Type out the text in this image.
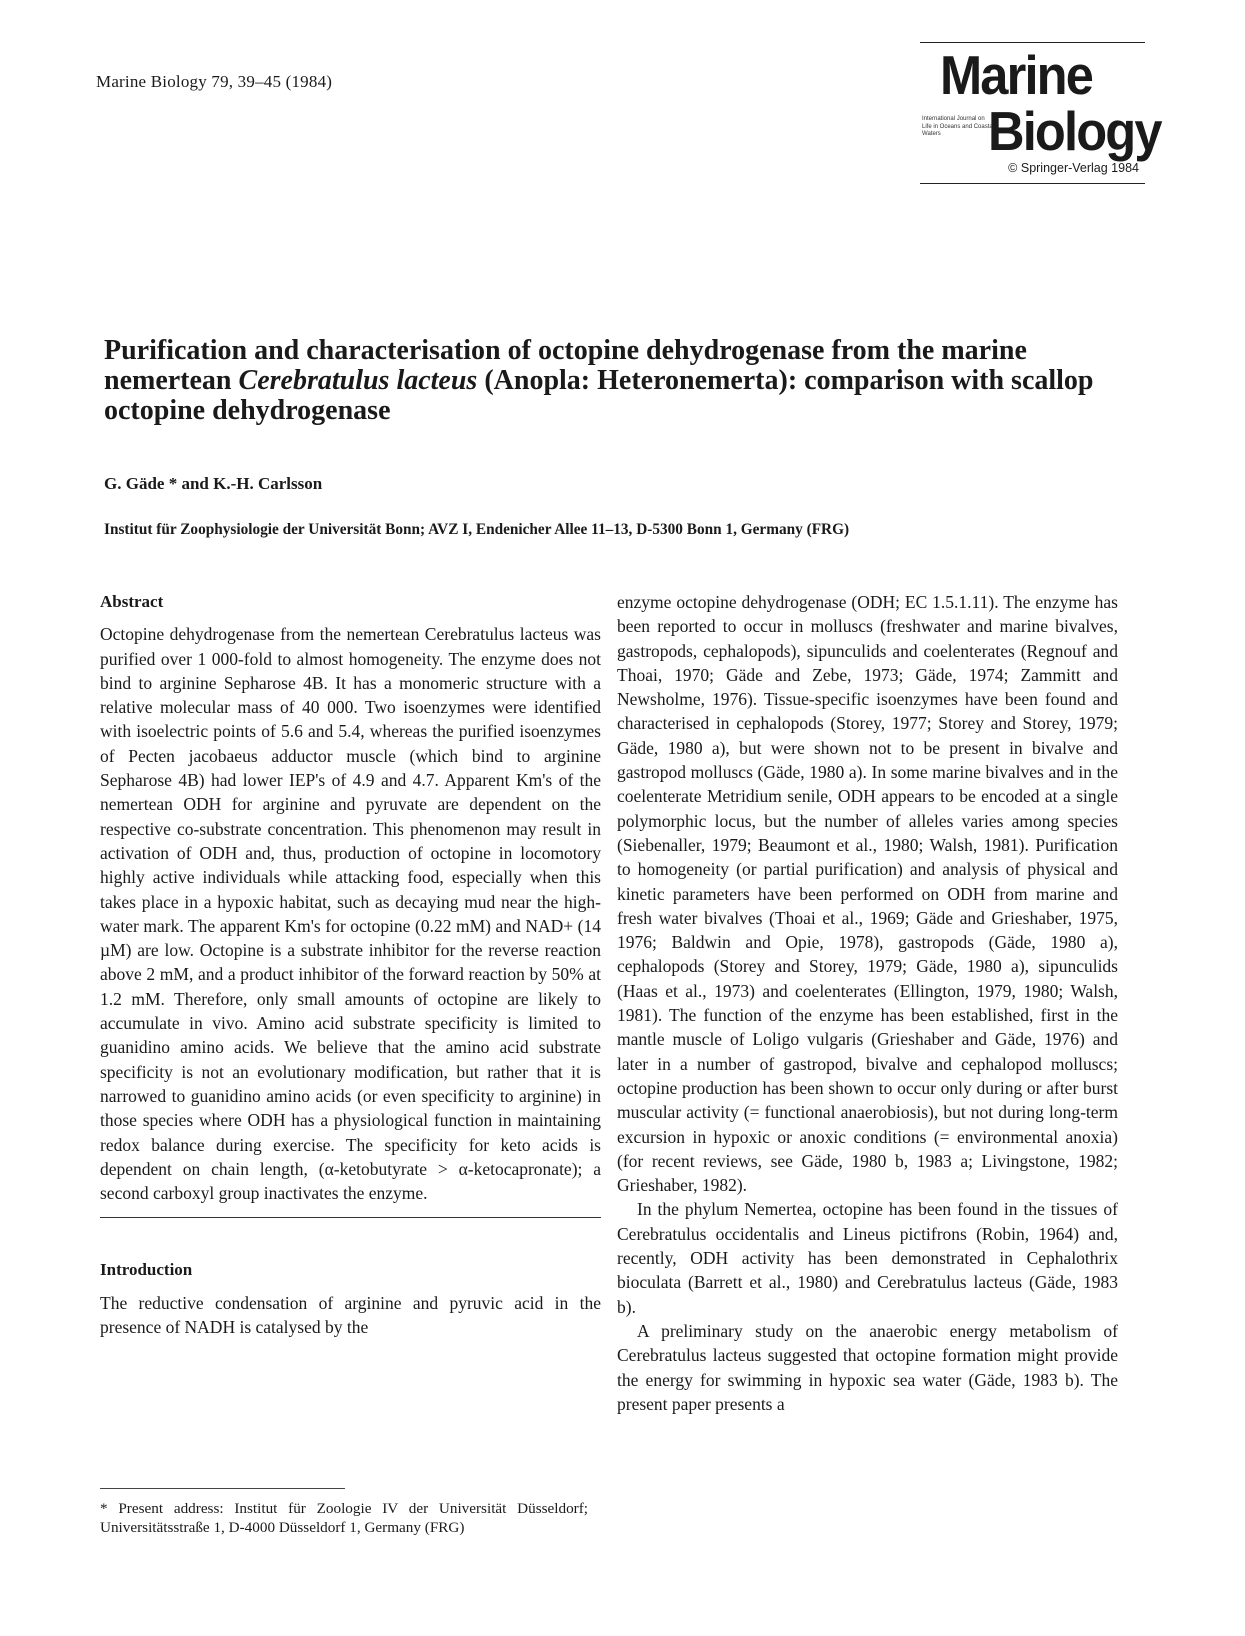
Marine Biology 79, 39–45 (1984)	Marine
International Journal on Life in Oceans and Coastal Waters Biology
© Springer-Verlag 1984
Purification and characterisation of octopine dehydrogenase from the marine nemertean Cerebratulus lacteus (Anopla: Heteronemerta): comparison with scallop octopine dehydrogenase
G. Gäde * and K.-H. Carlsson
Institut für Zoophysiologie der Universität Bonn; AVZ I, Endenicher Allee 11–13, D-5300 Bonn 1, Germany (FRG)
Abstract

Octopine dehydrogenase from the nemertean Cerebratulus lacteus was purified over 1 000-fold to almost homogeneity. The enzyme does not bind to arginine Sepharose 4B. It has a monomeric structure with a relative molecular mass of 40 000. Two isoenzymes were identified with isoelectric points of 5.6 and 5.4, whereas the purified isoenzymes of Pecten jacobaeus adductor muscle (which bind to arginine Sepharose 4B) had lower IEP's of 4.9 and 4.7. Apparent Km's of the nemertean ODH for arginine and pyruvate are dependent on the respective co-substrate concentration. This phenomenon may result in activation of ODH and, thus, production of octopine in locomotory highly active individuals while attacking food, especially when this takes place in a hypoxic habitat, such as decaying mud near the high-water mark. The apparent Km's for octopine (0.22 mM) and NAD+ (14 µM) are low. Octopine is a substrate inhibitor for the reverse reaction above 2 mM, and a product inhibitor of the forward reaction by 50% at 1.2 mM. Therefore, only small amounts of octopine are likely to accumulate in vivo. Amino acid substrate specificity is limited to guanidino amino acids. We believe that the amino acid substrate specificity is not an evolutionary modification, but rather that it is narrowed to guanidino amino acids (or even specificity to arginine) in those species where ODH has a physiological function in maintaining redox balance during exercise. The specificity for keto acids is dependent on chain length, (α-ketobutyrate > α-ketocapronate); a second carboxyl group inactivates the enzyme.

Introduction

The reductive condensation of arginine and pyruvic acid in the presence of NADH is catalysed by the

* Present address: Institut für Zoologie IV der Universität Düsseldorf; Universitätsstraße 1, D-4000 Düsseldorf 1, Germany (FRG)

enzyme octopine dehydrogenase (ODH; EC 1.5.1.11). The enzyme has been reported to occur in molluscs (freshwater and marine bivalves, gastropods, cephalopods), sipunculids and coelenterates (Regnouf and Thoai, 1970; Gäde and Zebe, 1973; Gäde, 1974; Zammitt and Newsholme, 1976). Tissue-specific isoenzymes have been found and characterised in cephalopods (Storey, 1977; Storey and Storey, 1979; Gäde, 1980 a), but were shown not to be present in bivalve and gastropod molluscs (Gäde, 1980 a). In some marine bivalves and in the coelenterate Metridium senile, ODH appears to be encoded at a single polymorphic locus, but the number of alleles varies among species (Siebenaller, 1979; Beaumont et al., 1980; Walsh, 1981). Purification to homogeneity (or partial purification) and analysis of physical and kinetic parameters have been performed on ODH from marine and fresh water bivalves (Thoai et al., 1969; Gäde and Grieshaber, 1975, 1976; Baldwin and Opie, 1978), gastropods (Gäde, 1980 a), cephalopods (Storey and Storey, 1979; Gäde, 1980 a), sipunculids (Haas et al., 1973) and coelenterates (Ellington, 1979, 1980; Walsh, 1981). The function of the enzyme has been established, first in the mantle muscle of Loligo vulgaris (Grieshaber and Gäde, 1976) and later in a number of gastropod, bivalve and cephalopod molluscs; octopine production has been shown to occur only during or after burst muscular activity (= functional anaerobiosis), but not during long-term excursion in hypoxic or anoxic conditions (= environmental anoxia) (for recent reviews, see Gäde, 1980 b, 1983 a; Livingstone, 1982; Grieshaber, 1982).

In the phylum Nemertea, octopine has been found in the tissues of Cerebratulus occidentalis and Lineus pictifrons (Robin, 1964) and, recently, ODH activity has been demonstrated in Cephalothrix bioculata (Barrett et al., 1980) and Cerebratulus lacteus (Gäde, 1983 b).

A preliminary study on the anaerobic energy metabolism of Cerebratulus lacteus suggested that octopine formation might provide the energy for swimming in hypoxic sea water (Gäde, 1983 b). The present paper presents a
